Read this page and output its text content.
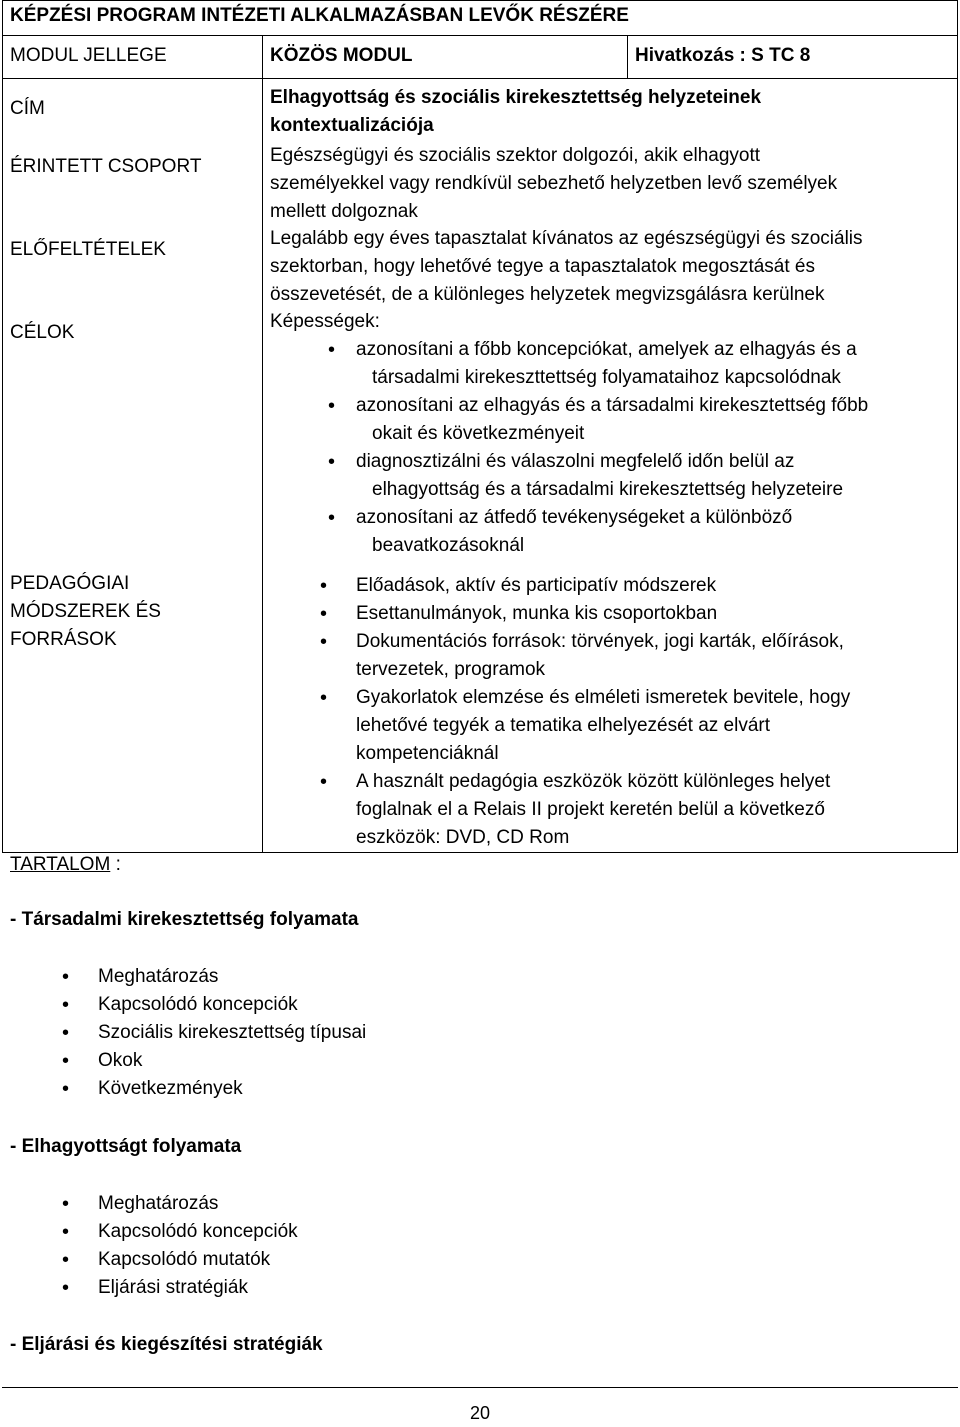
KÉPZÉSI PROGRAM INTÉZETI ALKALMAZÁSBAN LEVŐK RÉSZÉRE
MODUL JELLEGE	KÖZÖS MODUL	Hivatkozás : S TC 8
CÍM
Elhagyottság és szociális kirekesztettség helyzeteinek
kontextualizációja
ÉRINTETT CSOPORT
Egészségügyi és szociális szektor dolgozói, akik elhagyott
személyekkel vagy rendkívül sebezhető helyzetben levő személyek
mellett dolgoznak
ELŐFELTÉTELEK
Legalább egy éves tapasztalat kívánatos az egészségügyi és szociális
szektorban, hogy lehetővé tegye a tapasztalatok megosztását és
összevetését, de a különleges helyzetek megvizsgálásra kerülnek
CÉLOK
Képességek:
• azonosítani a főbb koncepciókat, amelyek az elhagyás és a
társadalmi kirekeszttettség folyamataihoz kapcsolódnak
• azonosítani az elhagyás és a társadalmi kirekesztettség főbb
okait és következményeit
• diagnosztizálni és válaszolni megfelelő időn belül az
elhagyottság és a társadalmi kirekesztettség helyzeteire
• azonosítani az átfedő tevékenységeket a különböző
beavatkozásoknál
PEDAGÓGIAI
MÓDSZEREK ÉS
FORRÁSOK
• Előadások, aktív és participatív módszerek
• Esettanulmányok, munka kis csoportokban
• Dokumentációs források: törvények, jogi karták, előírások,
tervezetek, programok
• Gyakorlatok elemzése és elméleti ismeretek bevitele, hogy
lehetővé tegyék a tematika elhelyezését az elvárt
kompetenciáknál
• A használt pedagógia eszközök között különleges helyet
foglalnak el a Relais II projekt keretén belül a következő
eszközök: DVD, CD Rom
TARTALOM :
- Társadalmi kirekesztettség folyamata
• Meghatározás
• Kapcsolódó koncepciók
• Szociális kirekesztettség típusai
• Okok
• Következmények
- Elhagyottságt folyamata
• Meghatározás
• Kapcsolódó koncepciók
• Kapcsolódó mutatók
• Eljárási stratégiák
- Eljárási és kiegészítési stratégiák
20
